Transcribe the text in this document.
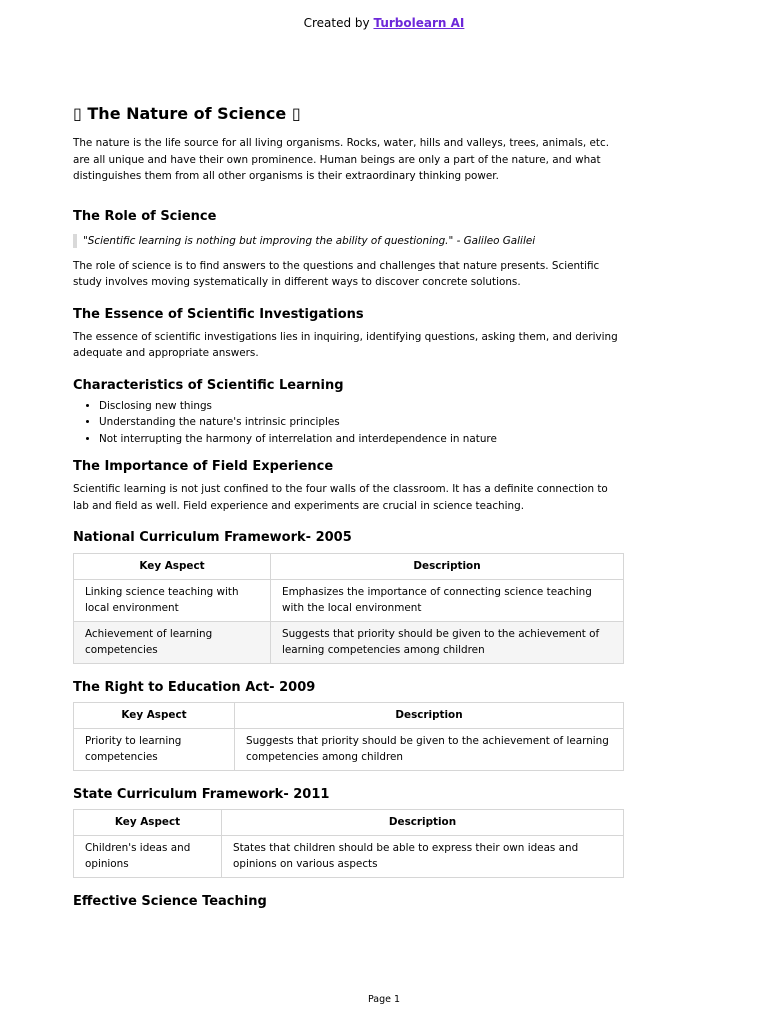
Created by Turbolearn AI
▯ The Nature of Science ▯

The nature is the life source for all living organisms. Rocks, water, hills and valleys, trees, animals, etc. are all unique and have their own prominence. Human beings are only a part of the nature, and what distinguishes them from all other organisms is their extraordinary thinking power.

The Role of Science
"Scientific learning is nothing but improving the ability of questioning." - Galileo Galilei

The role of science is to find answers to the questions and challenges that nature presents. Scientific study involves moving systematically in different ways to discover concrete solutions.

The Essence of Scientific Investigations

The essence of scientific investigations lies in inquiring, identifying questions, asking them, and deriving adequate and appropriate answers.

Characteristics of Scientific Learning
• Disclosing new things
• Understanding the nature's intrinsic principles
• Not interrupting the harmony of interrelation and interdependence in nature
The Importance of Field Experience

Scientific learning is not just confined to the four walls of the classroom. It has a definite connection to lab and field as well. Field experience and experiments are crucial in science teaching.

National Curriculum Framework- 2005
Key Aspect	Description
Linking science teaching with local environment	Emphasizes the importance of connecting science teaching with the local environment
Achievement of learning competencies	Suggests that priority should be given to the achievement of learning competencies among children
The Right to Education Act- 2009
Key Aspect	Description
Priority to learning competencies	Suggests that priority should be given to the achievement of learning competencies among children
State Curriculum Framework- 2011
Key Aspect	Description
Children's ideas and opinions	States that children should be able to express their own ideas and opinions on various aspects
Effective Science Teaching
Page 1
